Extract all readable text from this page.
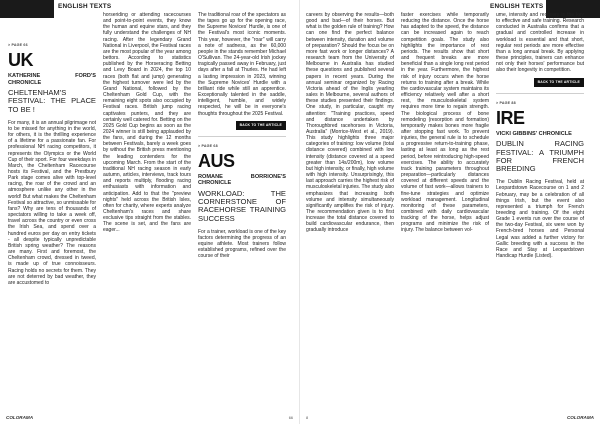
ENGLISH TEXTS
> PAGE 66
UK
KATHERINE FORD'S CHRONICLE
CHELTENHAM'S FESTIVAL: THE PLACE TO BE !

For many, it is an annual pilgrimage not to be missed for anything in the world, for others, it is the thrilling experience of a lifetime for a passionate fan. For professional NH racing competitors, it represents the Olympics or the World Cup of their sport. For four weekdays in March, the Cheltenham Racecourse hosts its Festival, and the Prestbury Park stage comes alive with top-level racing, the roar of the crowd and an atmosphere unlike any other in the world! But what makes the Cheltenham Festival so attractive, so unmissable for fans? Why are tens of thousands of spectators willing to take a week off, travel across the country or even cross the Irish Sea, and spend over a hundred euros per day on entry tickets - all despite typically unpredictable British spring weather? The reasons are many. First and foremost, the Cheltenham crowd, dressed in tweed, is made up of true connoisseurs. Racing holds no secrets for them. They are not deterred by bad weather, they are accustomed to

horseriding or attending racecourses and point-to-point events, they know the human and equine stars, and they fully understand the challenges of NH racing. After the legendary Grand National in Liverpool, the Festival races are the most popular of the year among bettors. According to statistics published by the Horseracing Betting and Levy Board in 2024, the top 10 races (both flat and jump) generating the highest turnover were led by the Grand National, followed by the Cheltenham Gold Cup, with the remaining eight spots also occupied by Festival races. British jump racing captivates punters, and they are certainly well catered for. Betting on the 2025 Gold Cup begins as soon as the 2024 winner is still being applauded by the fans, and during the 12 months between Festivals, barely a week goes by without the British press mentioning the leading contenders for the upcoming March. From the start of the traditional NH racing season in early autumn, articles, interviews, track tours and reports multiply, flooding racing enthusiasts with information and anticipation. Add to that the "preview nights" held across the British Isles, often for charity, where experts analyze Cheltenham's races and share exclusive tips straight from the stables. The scene is set, and the fans are eager...

The traditional roar of the spectators as the tapes go up for the opening race, the Supreme Novices' Hurdle, is one of the Festival's most iconic moments. This year, however, the "roar" will carry a note of sadness, as the 60,000 people in the stands remember Michael O'Sullivan. The 24-year-old Irish jockey tragically passed away in February, just days after a fall at Thurles. He had left a lasting impression in 2023, winning the Supreme Novices' Hurdle with a brilliant ride while still an apprentice. Exceptionally talented in the saddle, intelligent, humble, and widely respected, he will be in everyone's thoughts throughout the 2025 Festival.

BACK TO THE ARTICLE
> PAGE 68
AUS
ROMANE BORRIONE'S CHRONICLE
WORKLOAD: THE CORNERSTONE OF RACEHORSE TRAINING SUCCESS

For a trainer, workload is one of the key factors determining the progress of an equine athlete. Most trainers follow established programs, refined over the course of their

COLORAMA	66
ENGLISH TEXTS

careers by observing the results—both good and bad—of their horses. But what is the golden rule of training? How can one find the perfect balance between intensity, duration and volume of preparation? Should the focus be on more fast work or longer distances? A research team from the University of Melbourne in Australia has studied these questions and published several papers in recent years. During the annual seminar organized by Racing Victoria ahead of the Inglis yearling sales in Melbourne, several authors of these studies presented their findings. One study, in particular, caught my attention: "Training practices, speed and distance undertaken by Thoroughbred racehorses in Victoria, Australia" (Morrice-West et al., 2019). This study highlights three major categories of training: low volume (total distance covered) combined with low intensity (distance covered at a speed greater than 14s/200m), low volume but high intensity, or finally, high volume with high intensity. Unsurprisingly, this last approach carries the highest risk of musculoskeletal injuries. The study also emphasizes that increasing both volume and intensity simultaneously significantly amplifies the risk of injury. The recommendation given is to first increase the total distance covered to build cardiovascular endurance, then gradually introduce

faster exercises while temporarily reducing the distance. Once the horse has adapted to the speed, the distance can be increased again to reach competition goals. The study also highlights the importance of rest periods. The results show that short and frequent breaks are more beneficial than a single long rest period in the year. Furthermore, the highest risk of injury occurs when the horse returns to training after a break. While the cardiovascular system maintains its efficiency relatively well after a short rest, the musculoskeletal system requires more time to regain strength. The biological process of bone remodeling (resorption and formation) temporarily makes bones more fragile after stopping fast work. To prevent injuries, the general rule is to schedule a progressive return-to-training phase, lasting at least as long as the rest period, before reintroducing high-speed exercises. The ability to accurately track training parameters throughout preparation—particularly distances covered at different speeds and the volume of fast work—allows trainers to fine-tune strategies and optimize workload management. Longitudinal monitoring of these parameters, combined with daily cardiovascular tracking of the horse, helps adjust programs and minimize the risk of injury. The balance between vol-

ume, intensity and recovery is the key to effective and safe training. Research conducted in Australia confirms that a gradual and controlled increase in workload is essential and that short, regular rest periods are more effective than a long annual break. By applying these principles, trainers can enhance not only their horses' performance but also their longevity in competition.

BACK TO THE ARTICLE
> PAGE 88
IRE
VICKI GIBBINS' CHRONICLE
DUBLIN RACING FESTIVAL: A TRIUMPH FOR FRENCH BREEDING

The Dublin Racing Festival, held at Leopardstown Racecourse on 1 and 2 February, may be a celebration of all things Irish, but the event also represented a triumph for French breeding and training. Of the eight Grade 1 events run over the course of the two-day Festival, six were won by French-bred horses and Personal Legal was added a further victory for Gallic breeding with a success in the Race and Stay at Leopardstown Handicap Hurdle (Listed).

8	COLORAMA
